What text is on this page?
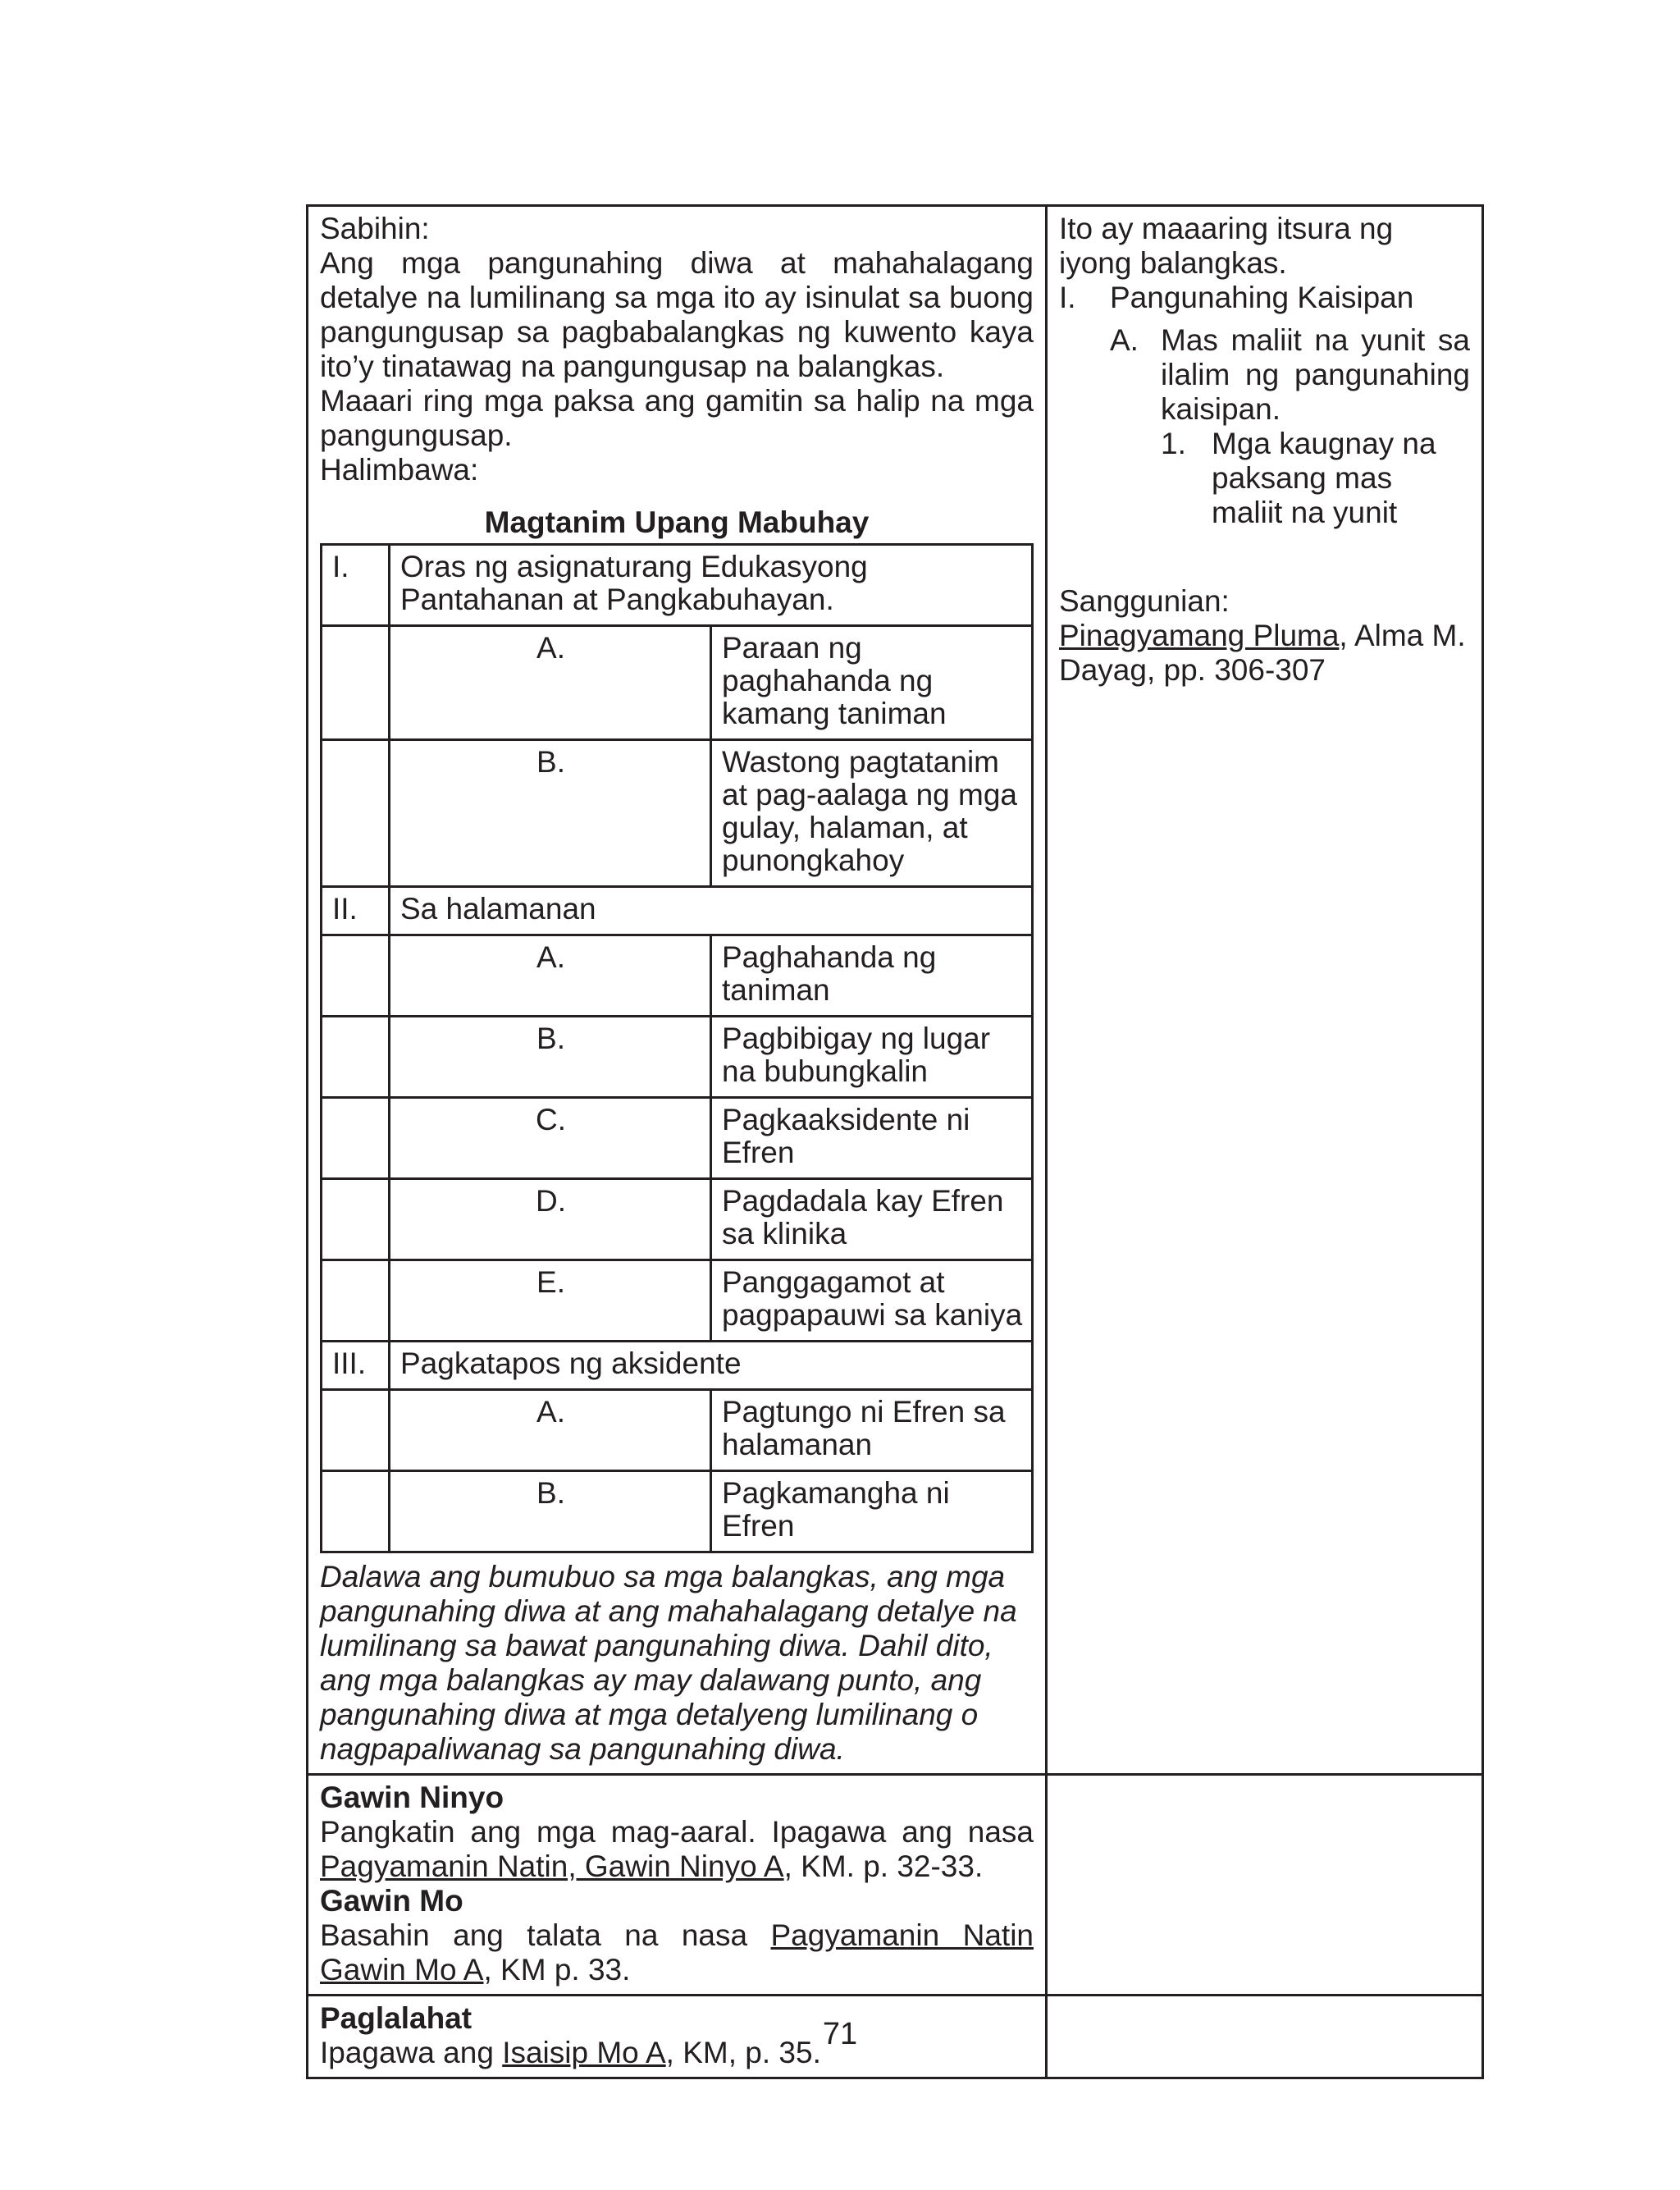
Sabihin:
Ang mga pangunahing diwa at mahahalagang detalye na lumilinang sa mga ito ay isinulat sa buong pangungusap sa pagbabalangkas ng kuwento kaya ito’y tinatawag na pangungusap na balangkas.
Maaari ring mga paksa ang gamitin sa halip na mga pangungusap.
Halimbawa:
Magtanim Upang Mabuhay
I.	Oras ng asignaturang Edukasyong Pantahanan at Pangkabuhayan.
	A.	Paraan ng paghahanda ng kamang taniman
	B.	Wastong pagtatanim at pag-aalaga ng mga gulay, halaman, at punongkahoy
II.	Sa halamanan
	A.	Paghahanda ng taniman
	B.	Pagbibigay ng lugar na bubungkalin
	C.	Pagkaaksidente ni Efren
	D.	Pagdadala kay Efren sa klinika
	E.	Panggagamot at pagpapauwi sa kaniya
III.	Pagkatapos ng aksidente
	A.	Pagtungo ni Efren sa halamanan
	B.	Pagkamangha ni Efren
Dalawa ang bumubuo sa mga balangkas, ang mga pangunahing diwa at ang mahahalagang detalye na lumilinang sa bawat pangunahing diwa. Dahil dito, ang mga balangkas ay may dalawang punto, ang pangunahing diwa at mga detalyeng lumilinang o nagpapaliwanag sa pangunahing diwa.

Ito ay maaaring itsura ng iyong balangkas.
I.	Pangunahing Kaisipan
A. Mas maliit na yunit sa ilalim ng pangunahing kaisipan.
1. Mga kaugnay na paksang mas maliit na yunit
Sanggunian:
Pinagyamang Pluma, Alma M. Dayag, pp. 306-307

Gawin Ninyo
Pangkatin ang mga mag-aaral. Ipagawa ang nasa Pagyamanin Natin, Gawin Ninyo A, KM. p. 32-33.
Gawin Mo
Basahin ang talata na nasa Pagyamanin Natin Gawin Mo A, KM p. 33.

Paglalahat
Ipagawa ang Isaisip Mo A, KM, p. 35.

71
